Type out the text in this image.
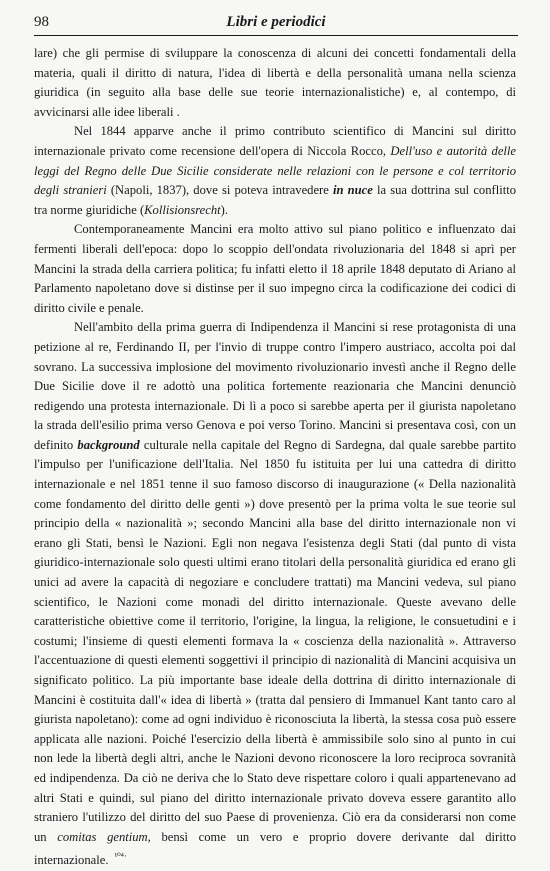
98	Libri e periodici

lare) che gli permise di sviluppare la conoscenza di alcuni dei concetti fondamentali della materia, quali il diritto di natura, l'idea di libertà e della personalità umana nella scienza giuridica (in seguito alla base delle sue teorie internazionalistiche) e, al contempo, di avvicinarsi alle idee liberali .

Nel 1844 apparve anche il primo contributo scientifico di Mancini sul diritto internazionale privato come recensione dell'opera di Niccola Rocco, Dell'uso e autorità delle leggi del Regno delle Due Sicilie considerate nelle relazioni con le persone e col territorio degli stranieri (Napoli, 1837), dove si poteva intravedere in nuce la sua dottrina sul conflitto tra norme giuridiche (Kollisionsrecht).

Contemporaneamente Mancini era molto attivo sul piano politico e influenzato dai fermenti liberali dell'epoca: dopo lo scoppio dell'ondata rivoluzionaria del 1848 si aprì per Mancini la strada della carriera politica; fu infatti eletto il 18 aprile 1848 deputato di Ariano al Parlamento napoletano dove si distinse per il suo impegno circa la codificazione dei codici di diritto civile e penale.

Nell'ambito della prima guerra di Indipendenza il Mancini si rese protagonista di una petizione al re, Ferdinando II, per l'invio di truppe contro l'impero austriaco, accolta poi dal sovrano. La successiva implosione del movimento rivoluzionario investì anche il Regno delle Due Sicilie dove il re adottò una politica fortemente reazionaria che Mancini denunciò redigendo una protesta internazionale. Di lì a poco si sarebbe aperta per il giurista napoletano la strada dell'esilio prima verso Genova e poi verso Torino. Mancini si presentava così, con un definito background culturale nella capitale del Regno di Sardegna, dal quale sarebbe partito l'impulso per l'unificazione dell'Italia. Nel 1850 fu istituita per lui una cattedra di diritto internazionale e nel 1851 tenne il suo famoso discorso di inaugurazione (« Della nazionalità come fondamento del diritto delle genti ») dove presentò per la prima volta le sue teorie sul principio della « nazionalità »; secondo Mancini alla base del diritto internazionale non vi erano gli Stati, bensì le Nazioni. Egli non negava l'esistenza degli Stati (dal punto di vista giuridico-internazionale solo questi ultimi erano titolari della personalità giuridica ed erano gli unici ad avere la capacità di negoziare e concludere trattati) ma Mancini vedeva, sul piano scientifico, le Nazioni come monadi del diritto internazionale. Queste avevano delle caratteristiche obiettive come il territorio, l'origine, la lingua, la religione, le consuetudini e i costumi; l'insieme di questi elementi formava la « coscienza della nazionalità ». Attraverso l'accentuazione di questi elementi soggettivi il principio di nazionalità di Mancini acquisiva un significato politico. La più importante base ideale della dottrina di diritto internazionale di Mancini è costituita dall'« idea di libertà » (tratta dal pensiero di Immanuel Kant tanto caro al giurista napoletano): come ad ogni individuo è riconosciuta la libertà, la stessa cosa può essere applicata alle nazioni. Poiché l'esercizio della libertà è ammissibile solo sino al punto in cui non lede la libertà degli altri, anche le Nazioni devono riconoscere la loro reciproca sovranità ed indipendenza. Da ciò ne deriva che lo Stato deve rispettare coloro i quali appartenevano ad altri Stati e quindi, sul piano del diritto internazionale privato doveva essere garantito allo straniero l'utilizzo del diritto del suo Paese di provenienza. Ciò era da considerarsi non come un comitas gentium, bensì come un vero e proprio dovere derivante dal diritto internazionale. $^{^{104}\cdot}$
